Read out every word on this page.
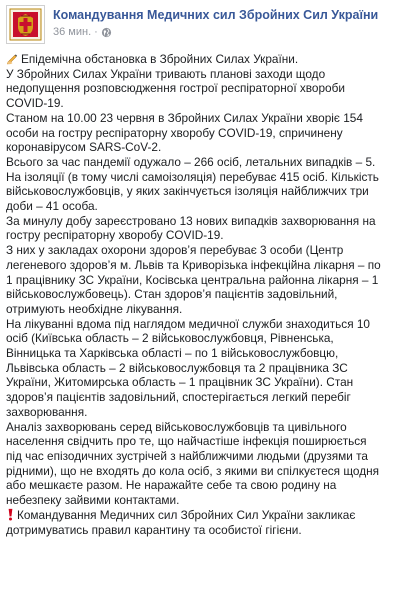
Командування Медичних сил Збройних Сил України
36 мин. ·

Епідемічна обстановка в Збройних Силах України.

У Збройних Силах України тривають планові заходи щодо

недопущення розповсюдження гострої респіраторної хвороби

COVID-19.

Станом на 10.00 23 червня в Збройних Силах України хворіє 154

особи на гостру респіраторну хворобу COVID-19, спричинену

коронавірусом SARS-CoV-2.

Всього за час пандемії одужало – 266 осіб, летальних випадків – 5.

На ізоляції (в тому числі самоізоляція) перебуває 415 осіб. Кількість

військовослужбовців, у яких закінчується ізоляція найближчих три

доби – 41 особа.

За минулу добу зареєстровано 13 нових випадків захворювання на

гостру респіраторну хворобу COVID-19.

З них у закладах охорони здоров’я перебуває 3 особи (Центр

легеневого здоров’я м. Львів та Криворізька інфекційна лікарня – по

1 працівнику ЗС України, Косівська центральна районна лікарня – 1

військовослужбовець). Стан здоров’я пацієнтів задовільний,

отримують необхідне лікування.

На лікуванні вдома під наглядом медичної служби знаходиться 10

осіб (Київська область – 2 військовослужбовця, Рівненська,

Вінницька та Харківська області – по 1 військовослужбовцю,

Львівська область – 2 військовослужбовця та 2 працівника ЗС

України, Житомирська область – 1 працівник ЗС України). Стан

здоров’я пацієнтів задовільний, спостерігається легкий перебіг

захворювання.

Аналіз захворювань серед військовослужбовців та цивільного

населення свідчить про те, що найчастіше інфекція поширюється

під час епізодичних зустрічей з найближчими людьми (друзями та

рідними), що не входять до кола осіб, з якими ви спілкуєтеся щодня

або мешкаєте разом. Не наражайте себе та свою родину на

небезпеку зайвими контактами.

Командування Медичних сил Збройних Сил України закликає

дотримуватись правил карантину та особистої гігієни.
